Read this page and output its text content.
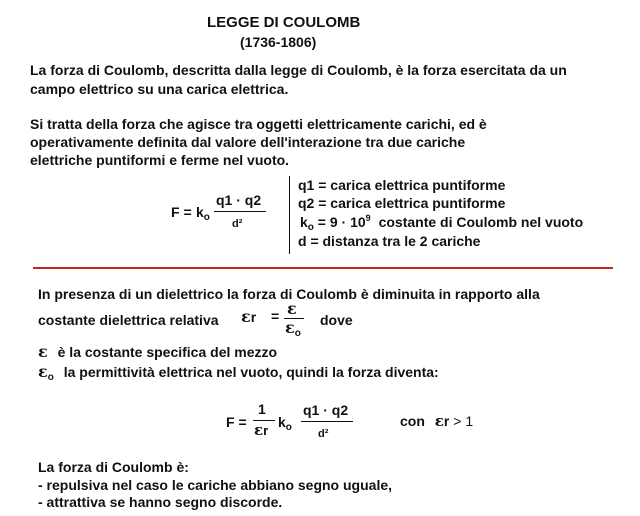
LEGGE DI COULOMB
(1736-1806)
La forza di Coulomb, descritta dalla legge di Coulomb, è la forza esercitata da un
campo elettrico su una carica elettrica.
Si tratta della forza che agisce tra oggetti elettricamente carichi, ed è
operativamente definita dal valore dell'interazione tra due cariche
elettriche puntiformi e ferme nel vuoto.
$F = k_o$
q1 · q2
d²
q1 = carica elettrica puntiforme
q2 = carica elettrica puntiforme
$k_o = 9 \cdot 10^9$ costante di Coulomb nel vuoto
d = distanza tra le 2 cariche
In presenza di un dielettrico la forza di Coulomb è diminuita in rapporto alla
costante dielettrica relativa εr = ε
$\varepsilon_o$
dove
ε è la costante specifica del mezzo
$\varepsilon_o$ la permittività elettrica nel vuoto, quindi la forza diventa:
F =
1
εr
$k_o$
q1 · q2
d²
con εr > 1
La forza di Coulomb è:
- repulsiva nel caso le cariche abbiano segno uguale,
- attrattiva se hanno segno discorde.
